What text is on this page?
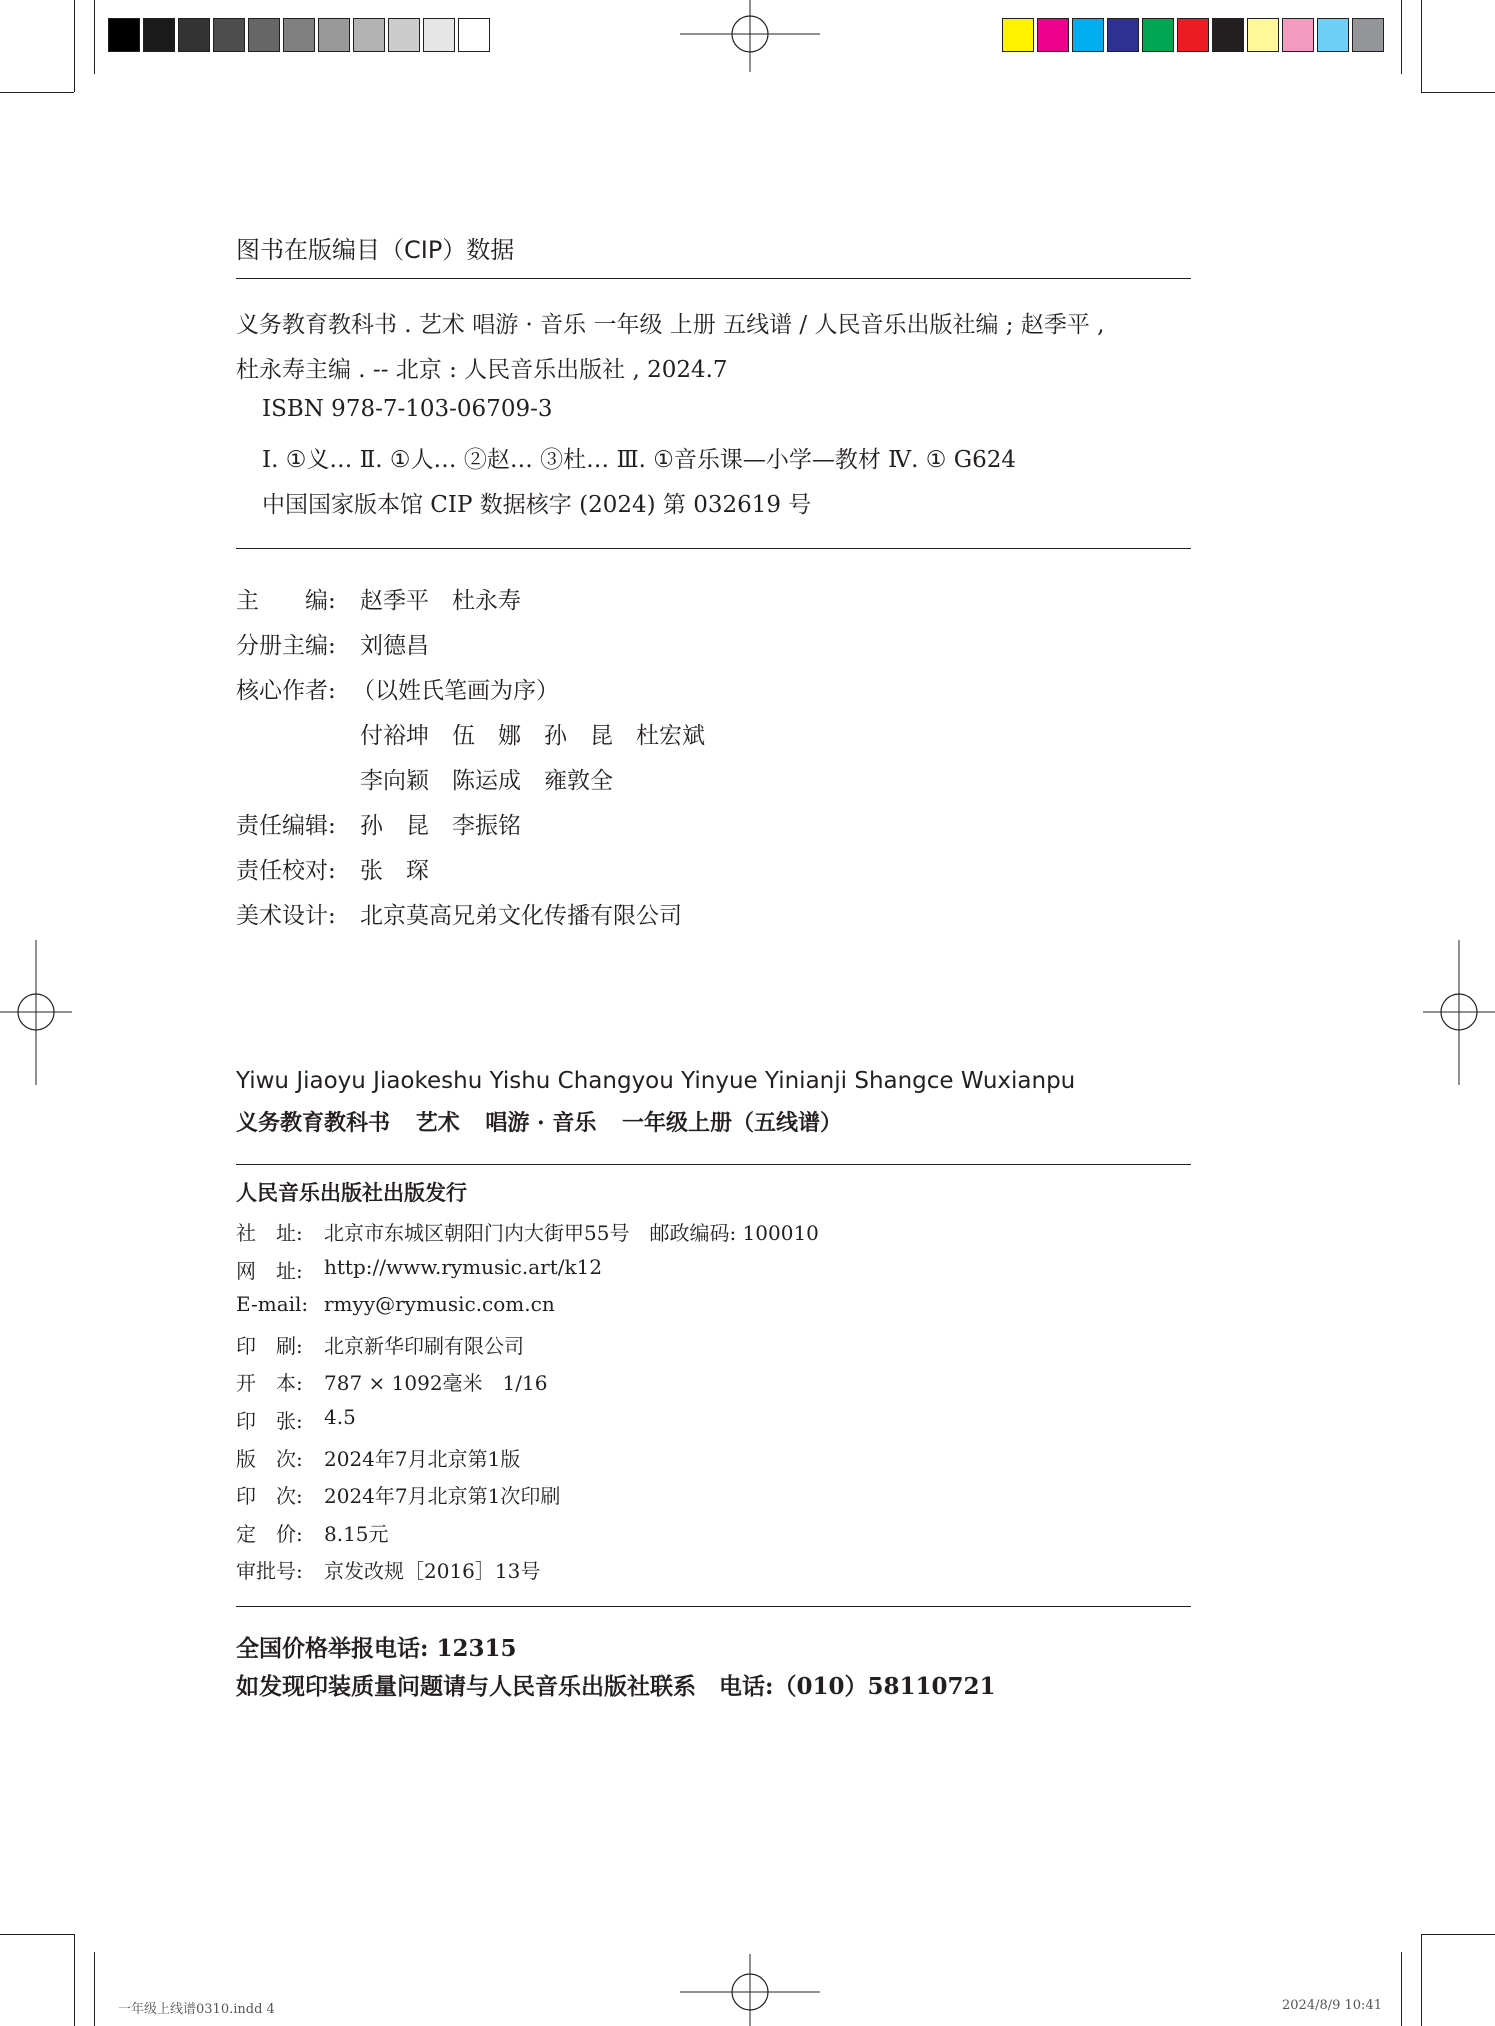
图书在版编目（CIP）数据
义务教育教科书 . 艺术 唱游 · 音乐 一年级 上册 五线谱 / 人民音乐出版社编 ; 赵季平 ,
杜永寿主编 . -- 北京 : 人民音乐出版社 , 2024.7
ISBN 978-7-103-06709-3
Ⅰ. ①义… Ⅱ. ①人… ②赵… ③杜… Ⅲ. ①音乐课—小学—教材 Ⅳ. ① G624
中国国家版本馆 CIP 数据核字 (2024) 第 032619 号
主　　编: 赵季平　杜永寿
分册主编: 刘德昌
核心作者: （以姓氏笔画为序）
付裕坤　伍　娜　孙　昆　杜宏斌
李向颖　陈运成　雍敦全
责任编辑: 孙　昆　李振铭
责任校对: 张　琛
美术设计: 北京莫高兄弟文化传播有限公司
Yiwu Jiaoyu Jiaokeshu Yishu Changyou Yinyue Yinianji Shangce Wuxianpu
义务教育教科书 艺术 唱游 · 音乐 一年级上册（五线谱）
人民音乐出版社出版发行
社　址: 北京市东城区朝阳门内大街甲55号　邮政编码: 100010
网　址: http://www.rymusic.art/k12
E-mail: rmyy@rymusic.com.cn
印　刷: 北京新华印刷有限公司
开　本: 787 × 1092毫米　1/16
印　张: 4.5
版　次: 2024年7月北京第1版
印　次: 2024年7月北京第1次印刷
定　价: 8.15元
审批号: 京发改规［2016］13号
全国价格举报电话: 12315
如发现印装质量问题请与人民音乐出版社联系　电话:（010）58110721
一年级上线谱0310.indd 4	2024/8/9 10:41
